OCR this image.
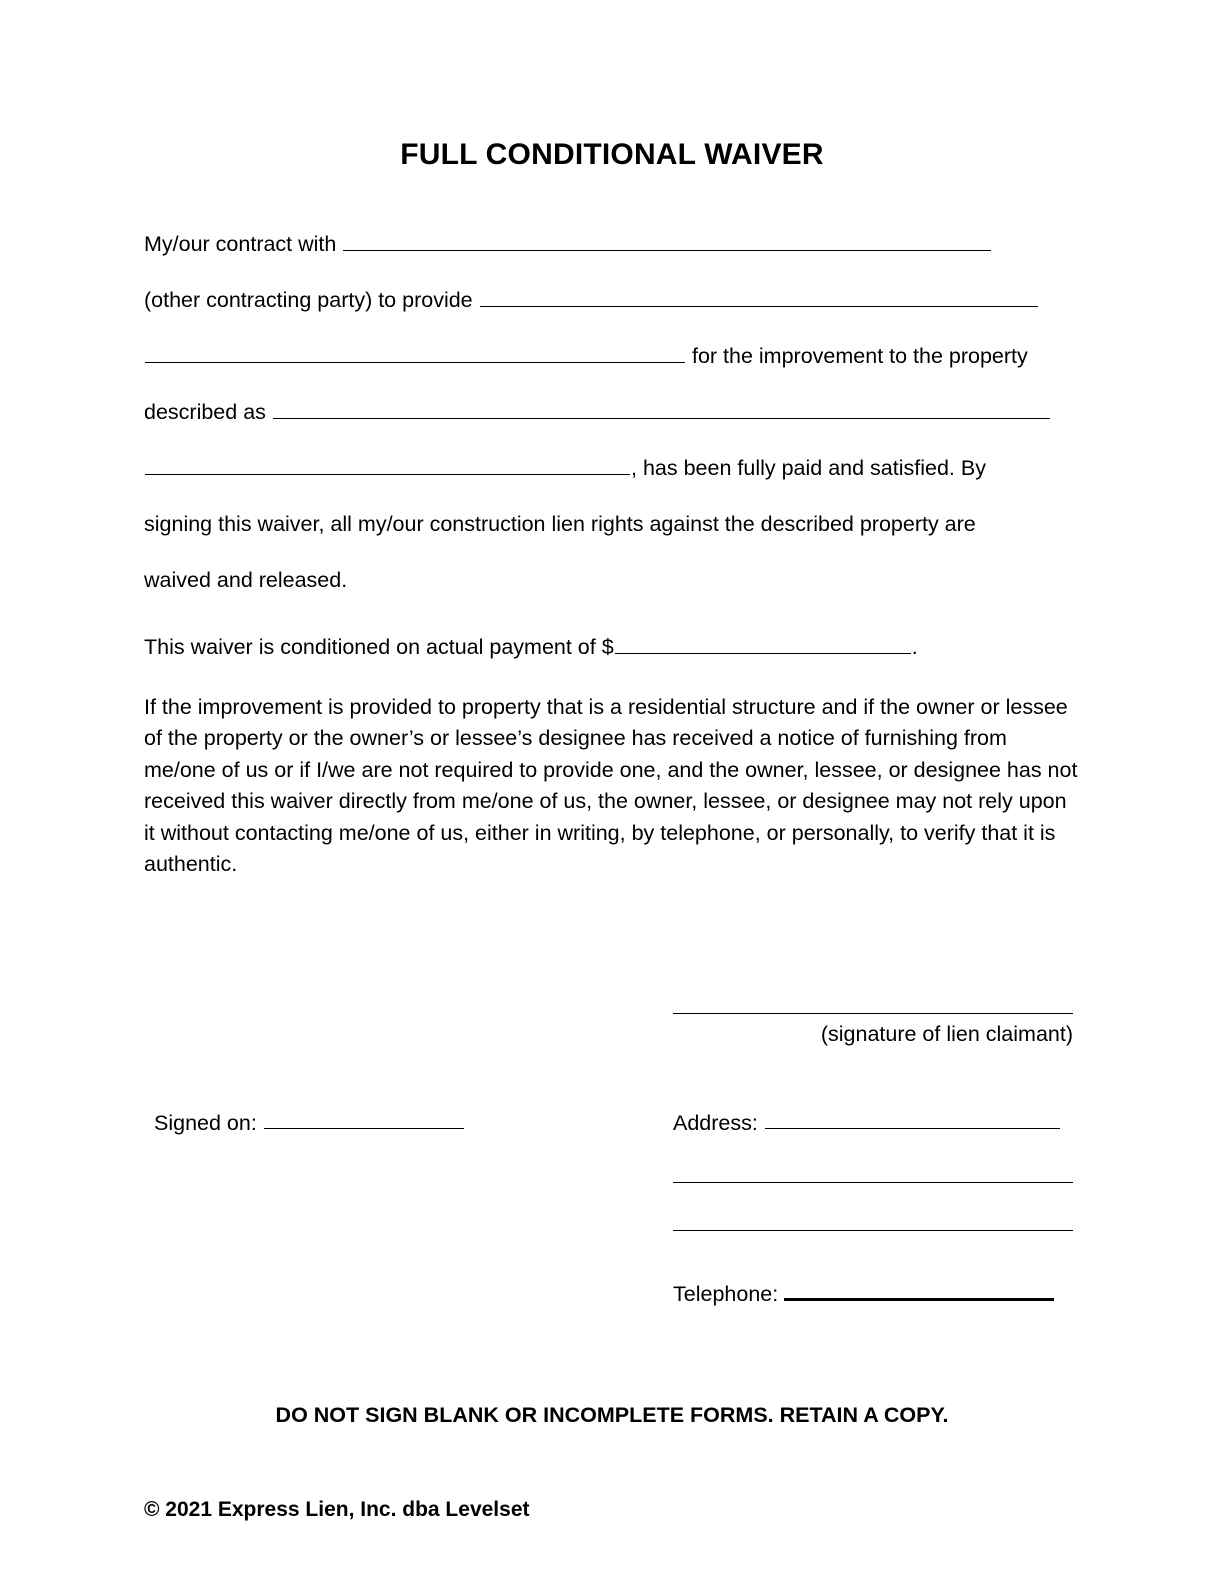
FULL CONDITIONAL WAIVER
My/our contract with
(other contracting party) to provide
for the improvement to the property
described as
, has been fully paid and satisfied. By
signing this waiver, all my/our construction lien rights against the described property are
waived and released.
This waiver is conditioned on actual payment of $	.

If the improvement is provided to property that is a residential structure and if the owner or lessee of the property or the owner’s or lessee’s designee has received a notice of furnishing from me/one of us or if I/we are not required to provide one, and the owner, lessee, or designee has not received this waiver directly from me/one of us, the owner, lessee, or designee may not rely upon it without contacting me/one of us, either in writing, by telephone, or personally, to verify that it is authentic.

(signature of lien claimant)
Signed on:	Address:
Telephone:
DO NOT SIGN BLANK OR INCOMPLETE FORMS. RETAIN A COPY.
© 2021 Express Lien, Inc. dba Levelset
